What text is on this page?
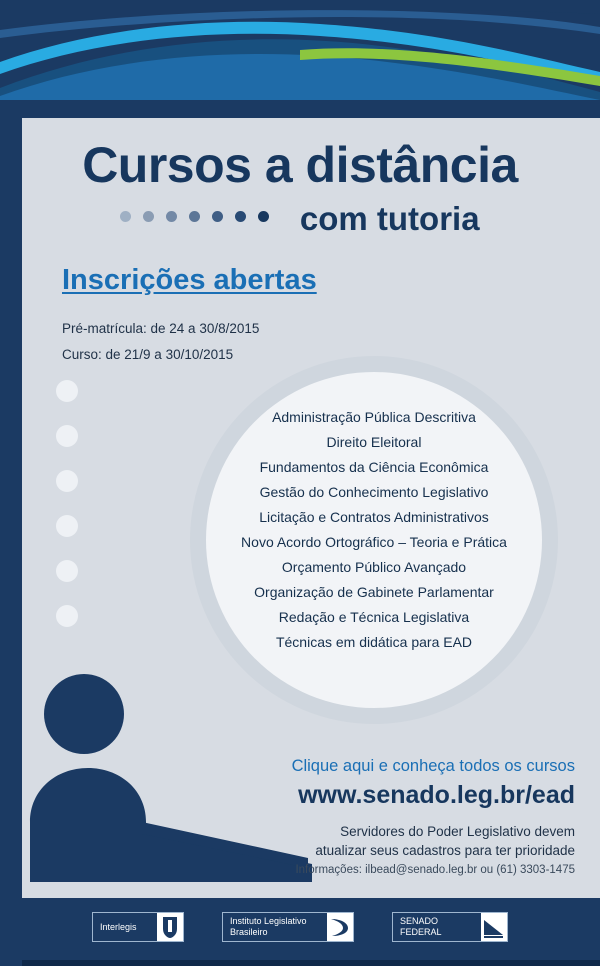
Cursos a distância
com tutoria
Inscrições abertas
Pré-matrícula: de 24 a 30/8/2015
Curso: de 21/9 a 30/10/2015
Administração Pública Descritiva
Direito Eleitoral
Fundamentos da Ciência Econômica
Gestão do Conhecimento Legislativo
Licitação e Contratos Administrativos
Novo Acordo Ortográfico – Teoria e Prática
Orçamento Público Avançado
Organização de Gabinete Parlamentar
Redação e Técnica Legislativa
Técnicas em didática para EAD
Clique aqui e conheça todos os cursos
www.senado.leg.br/ead
Servidores do Poder Legislativo devem
atualizar seus cadastros para ter prioridade
Informações: ilbead@senado.leg.br ou (61) 3303-1475
Interlegis
Instituto Legislativo
Brasileiro
SENADO
FEDERAL
